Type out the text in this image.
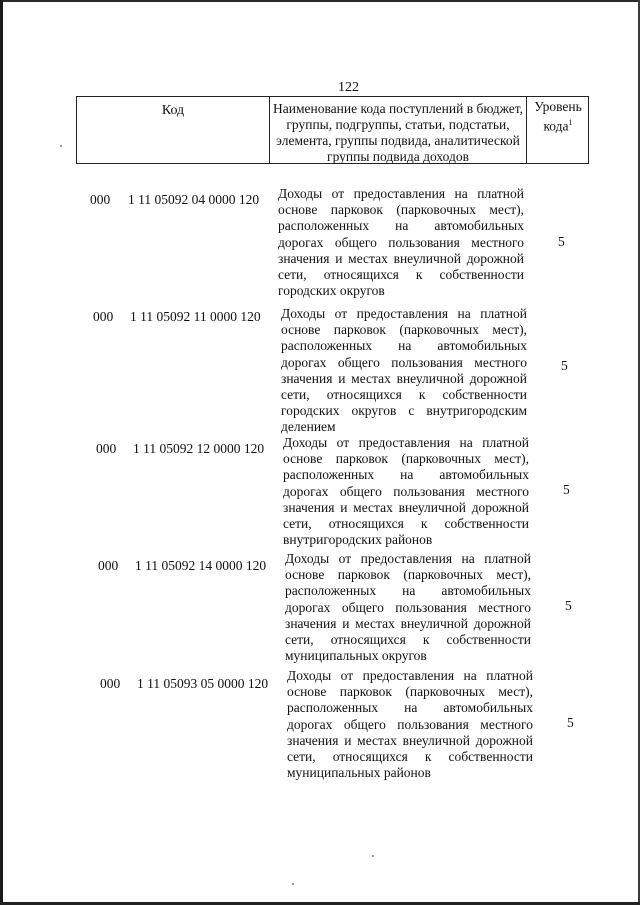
122
Код	Наименование кода поступлений в бюджет, группы, подгруппы, статьи, подстатьи, элемента, группы подвида, аналитической группы подвида доходов
Уровень кода$^1$
000 1 11 05092 04 0000 120 Доходы от предоставления на платной основе парковок (парковочных мест), расположенных на автомобильных дорогах общего пользования местного значения и местах внеуличной дорожной сети, относящихся к собственности городских округов
5
000 1 11 05092 11 0000 120 Доходы от предоставления на платной основе парковок (парковочных мест), расположенных на автомобильных дорогах общего пользования местного значения и местах внеуличной дорожной сети, относящихся к собственности городских округов с внутригородским делением
5
000 1 11 05092 12 0000 120 Доходы от предоставления на платной основе парковок (парковочных мест), расположенных на автомобильных дорогах общего пользования местного значения и местах внеуличной дорожной сети, относящихся к собственности внутригородских районов
5
000 1 11 05092 14 0000 120 Доходы от предоставления на платной основе парковок (парковочных мест), расположенных на автомобильных дорогах общего пользования местного значения и местах внеуличной дорожной сети, относящихся к собственности муниципальных округов
5
000 1 11 05093 05 0000 120
Доходы от предоставления на платной основе парковок (парковочных мест), расположенных на автомобильных дорогах общего пользования местного значения и местах внеуличной дорожной сети, относящихся к собственности муниципальных районов
5
